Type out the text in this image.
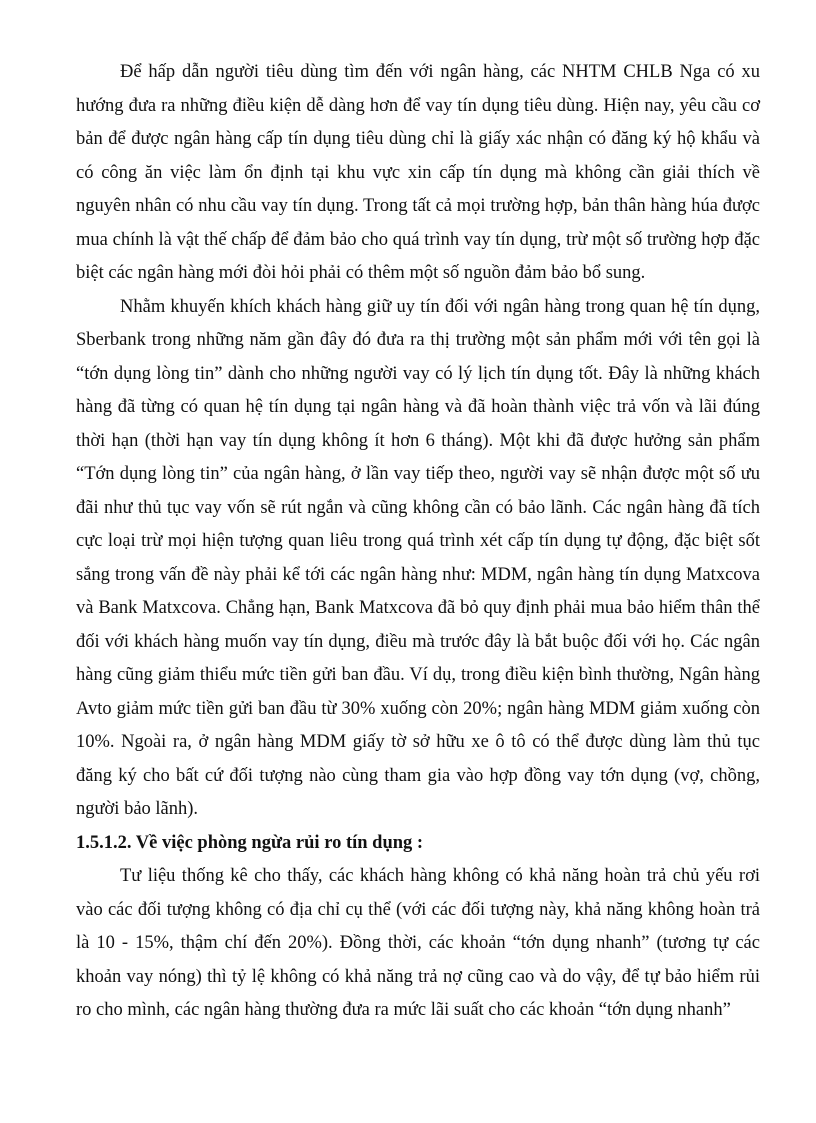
Để hấp dẫn người tiêu dùng tìm đến với ngân hàng, các NHTM CHLB Nga có xu hướng đưa ra những điều kiện dễ dàng hơn để vay tín dụng tiêu dùng. Hiện nay, yêu cầu cơ bản để được ngân hàng cấp tín dụng tiêu dùng chỉ là giấy xác nhận có đăng ký hộ khẩu và có công ăn việc làm ổn định tại khu vực xin cấp tín dụng mà không cần giải thích về nguyên nhân có nhu cầu vay tín dụng. Trong tất cả mọi trường hợp, bản thân hàng húa được mua chính là vật thế chấp để đảm bảo cho quá trình vay tín dụng, trừ một số trường hợp đặc biệt các ngân hàng mới đòi hỏi phải có thêm một số nguồn đảm bảo bổ sung.

Nhằm khuyến khích khách hàng giữ uy tín đối với ngân hàng trong quan hệ tín dụng, Sberbank trong những năm gần đây đó đưa ra thị trường một sản phẩm mới với tên gọi là “tớn dụng lòng tin” dành cho những người vay có lý lịch tín dụng tốt. Đây là những khách hàng đã từng có quan hệ tín dụng tại ngân hàng và đã hoàn thành việc trả vốn và lãi đúng thời hạn (thời hạn vay tín dụng không ít hơn 6 tháng). Một khi đã được hưởng sản phẩm “Tớn dụng lòng tin” của ngân hàng, ở lần vay tiếp theo, người vay sẽ nhận được một số ưu đãi như thủ tục vay vốn sẽ rút ngắn và cũng không cần có bảo lãnh. Các ngân hàng đã tích cực loại trừ mọi hiện tượng quan liêu trong quá trình xét cấp tín dụng tự động, đặc biệt sốt sắng trong vấn đề này phải kể tới các ngân hàng như: MDM, ngân hàng tín dụng Matxcova và Bank Matxcova. Chẳng hạn, Bank Matxcova đã bỏ quy định phải mua bảo hiểm thân thể đối với khách hàng muốn vay tín dụng, điều mà trước đây là bắt buộc đối với họ. Các ngân hàng cũng giảm thiểu mức tiền gửi ban đầu. Ví dụ, trong điều kiện bình thường, Ngân hàng Avto giảm mức tiền gửi ban đầu từ 30% xuống còn 20%; ngân hàng MDM giảm xuống còn 10%. Ngoài ra, ở ngân hàng MDM giấy tờ sở hữu xe ô tô có thể được dùng làm thủ tục đăng ký cho bất cứ đối tượng nào cùng tham gia vào hợp đồng vay tớn dụng (vợ, chồng, người bảo lãnh).

1.5.1.2. Về việc phòng ngừa rủi ro tín dụng :

Tư liệu thống kê cho thấy, các khách hàng không có khả năng hoàn trả chủ yếu rơi vào các đối tượng không có địa chỉ cụ thể (với các đối tượng này, khả năng không hoàn trả là 10 - 15%, thậm chí đến 20%). Đồng thời, các khoản “tớn dụng nhanh” (tương tự các khoản vay nóng) thì tỷ lệ không có khả năng trả nợ cũng cao và do vậy, để tự bảo hiểm rủi ro cho mình, các ngân hàng thường đưa ra mức lãi suất cho các khoản “tớn dụng nhanh”
